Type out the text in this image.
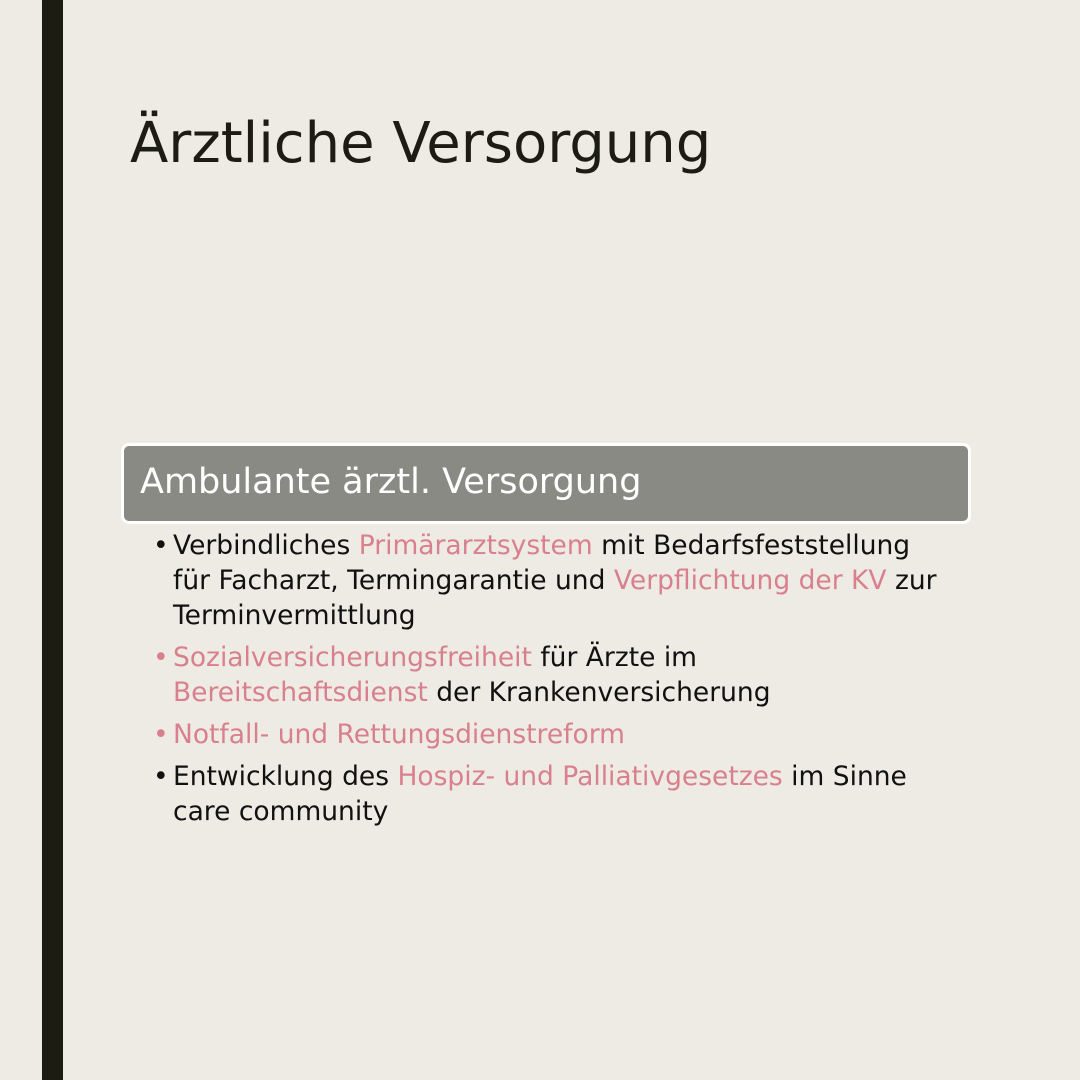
Ärztliche Versorgung
Ambulante ärztl. Versorgung
• Verbindliches Primärarztsystem mit Bedarfsfeststellung für Facharzt, Termingarantie und Verpflichtung der KV zur Terminvermittlung
• Sozialversicherungsfreiheit für Ärzte im Bereitschaftsdienst der Krankenversicherung
• Notfall- und Rettungsdienstreform
• Entwicklung des Hospiz- und Palliativgesetzes im Sinne care community
